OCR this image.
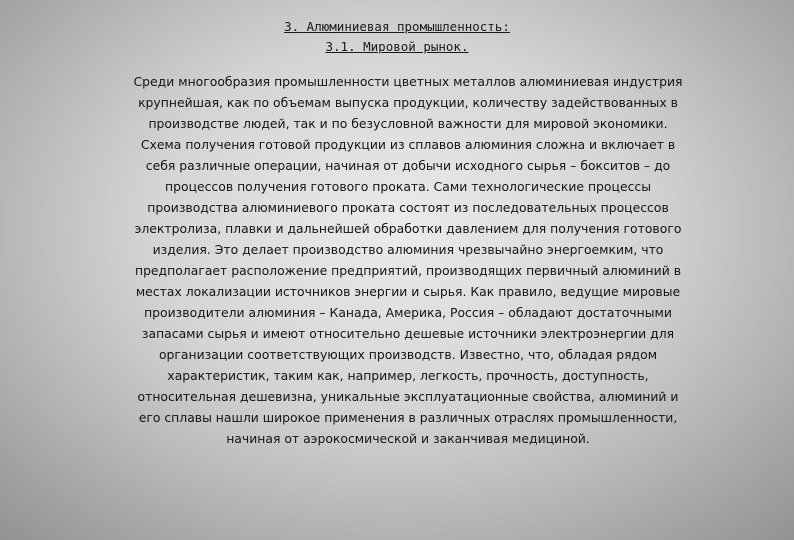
3. Алюминиевая промышленность:
3.1. Мировой рынок.
Среди многообразия промышленности цветных металлов алюминиевая индустрия
крупнейшая, как по объемам выпуска продукции, количеству задействованных в
производстве людей, так и по безусловной важности для мировой экономики.
Схема получения готовой продукции из сплавов алюминия сложна и включает в
себя различные операции, начиная от добычи исходного сырья – бокситов – до
процессов получения готового проката. Сами технологические процессы
производства алюминиевого проката состоят из последовательных процессов
электролиза, плавки и дальнейшей обработки давлением для получения готового
изделия. Это делает производство алюминия чрезвычайно энергоемким, что
предполагает расположение предприятий, производящих первичный алюминий в
местах локализации источников энергии и сырья. Как правило, ведущие мировые
производители алюминия – Канада, Америка, Россия – обладают достаточными
запасами сырья и имеют относительно дешевые источники электроэнергии для
организации соответствующих производств. Известно, что, обладая рядом
характеристик, таким как, например, легкость, прочность, доступность,
относительная дешевизна, уникальные эксплуатационные свойства, алюминий и
его сплавы нашли широкое применения в различных отраслях промышленности,
начиная от аэрокосмической и заканчивая медициной.
